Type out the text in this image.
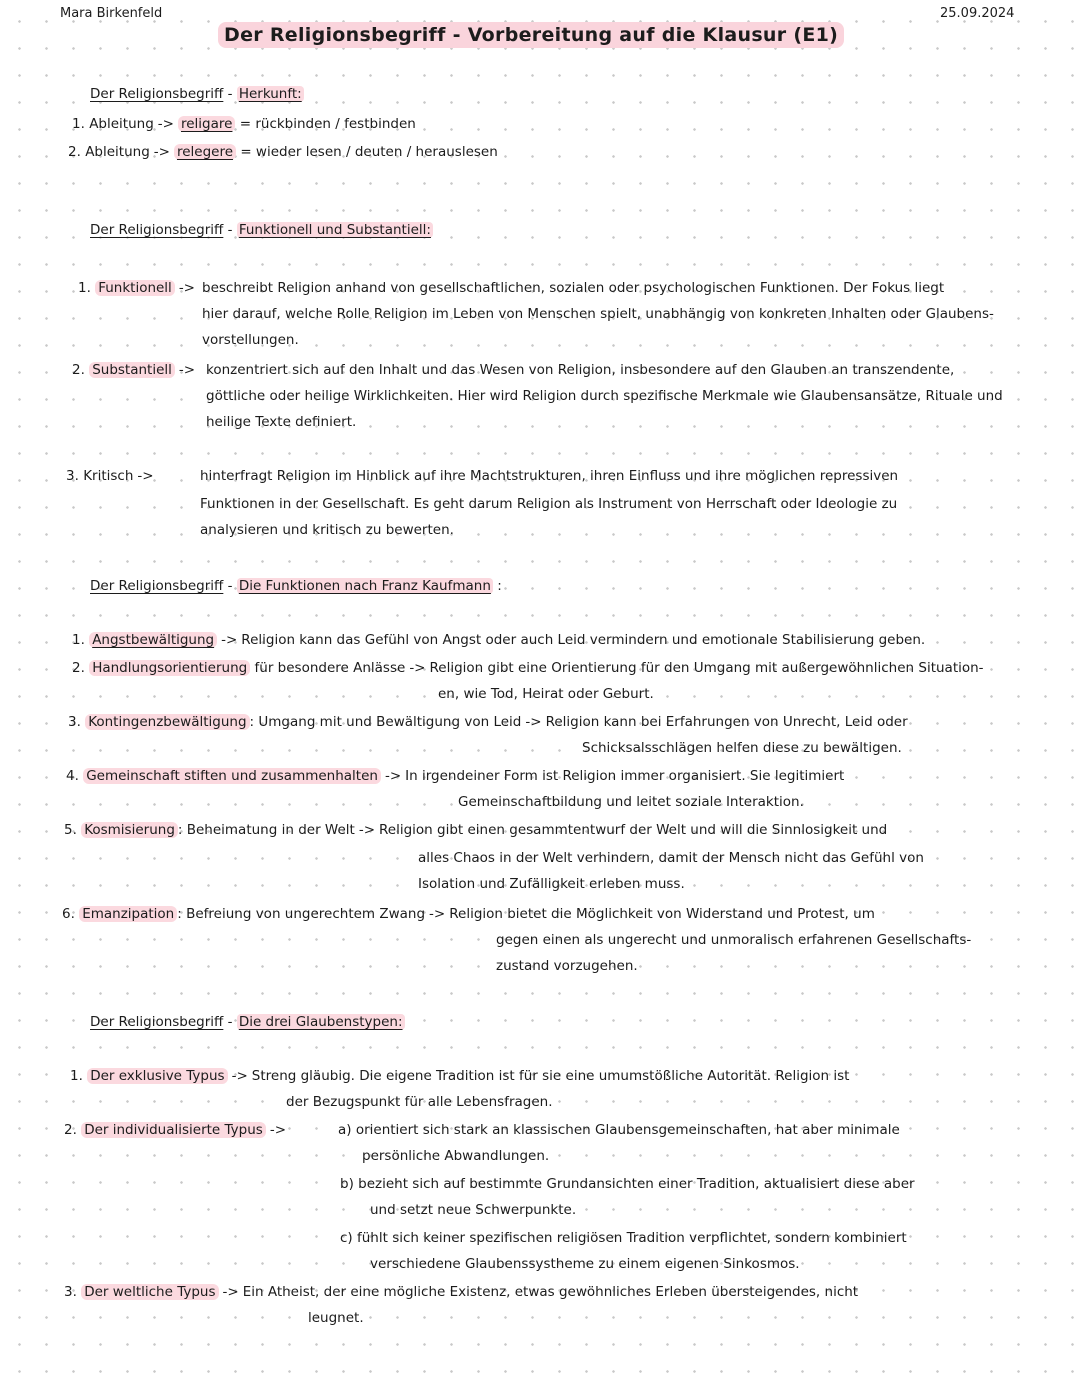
Mara Birkenfeld	25.09.2024
Der Religionsbegriff - Vorbereitung auf die Klausur (E1)
Der Religionsbegriff - Herkunft:
1. Ableitung -> religare = rückbinden / festbinden
2. Ableitung -> relegere = wieder lesen / deuten / herauslesen
Der Religionsbegriff - Funktionell und Substantiell:
1. Funktionell -> beschreibt Religion anhand von gesellschaftlichen, sozialen oder psychologischen Funktionen. Der Fokus liegt
hier darauf, welche Rolle Religion im Leben von Menschen spielt, unabhängig von konkreten Inhalten oder Glaubens-
vorstellungen.
2. Substantiell -> konzentriert sich auf den Inhalt und das Wesen von Religion, insbesondere auf den Glauben an transzendente,
göttliche oder heilige Wirklichkeiten. Hier wird Religion durch spezifische Merkmale wie Glaubensansätze, Rituale und
heilige Texte definiert.
3. Kritisch ->	hinterfragt Religion im Hinblick auf ihre Machtstrukturen, ihren Einfluss und ihre möglichen repressiven
Funktionen in der Gesellschaft. Es geht darum Religion als Instrument von Herrschaft oder Ideologie zu
analysieren und kritisch zu bewerten.
Der Religionsbegriff - Die Funktionen nach Franz Kaufmann :
1. Angstbewältigung -> Religion kann das Gefühl von Angst oder auch Leid vermindern und emotionale Stabilisierung geben.
2. Handlungsorientierung für besondere Anlässe -> Religion gibt eine Orientierung für den Umgang mit außergewöhnlichen Situation-
en, wie Tod, Heirat oder Geburt.
3. Kontingenzbewältigung : Umgang mit und Bewältigung von Leid -> Religion kann bei Erfahrungen von Unrecht, Leid oder
Schicksalsschlägen helfen diese zu bewältigen.
4. Gemeinschaft stiften und zusammenhalten -> In irgendeiner Form ist Religion immer organisiert. Sie legitimiert
Gemeinschaftbildung und leitet soziale Interaktion.
5. Kosmisierung : Beheimatung in der Welt -> Religion gibt einen gesammtentwurf der Welt und will die Sinnlosigkeit und
alles Chaos in der Welt verhindern, damit der Mensch nicht das Gefühl von
Isolation und Zufälligkeit erleben muss.
6. Emanzipation : Befreiung von ungerechtem Zwang -> Religion bietet die Möglichkeit von Widerstand und Protest, um
gegen einen als ungerecht und unmoralisch erfahrenen Gesellschafts-
zustand vorzugehen.
Der Religionsbegriff - Die drei Glaubenstypen:
1. Der exklusive Typus -> Streng gläubig. Die eigene Tradition ist für sie eine umumstößliche Autorität. Religion ist
der Bezugspunkt für alle Lebensfragen.
2. Der individualisierte Typus ->	a) orientiert sich stark an klassischen Glaubensgemeinschaften, hat aber minimale
persönliche Abwandlungen.
b) bezieht sich auf bestimmte Grundansichten einer Tradition, aktualisiert diese aber
und setzt neue Schwerpunkte.
c) fühlt sich keiner spezifischen religiösen Tradition verpflichtet, sondern kombiniert
verschiedene Glaubenssystheme zu einem eigenen Sinkosmos.
3. Der weltliche Typus -> Ein Atheist, der eine mögliche Existenz, etwas gewöhnliches Erleben übersteigendes, nicht
leugnet.
